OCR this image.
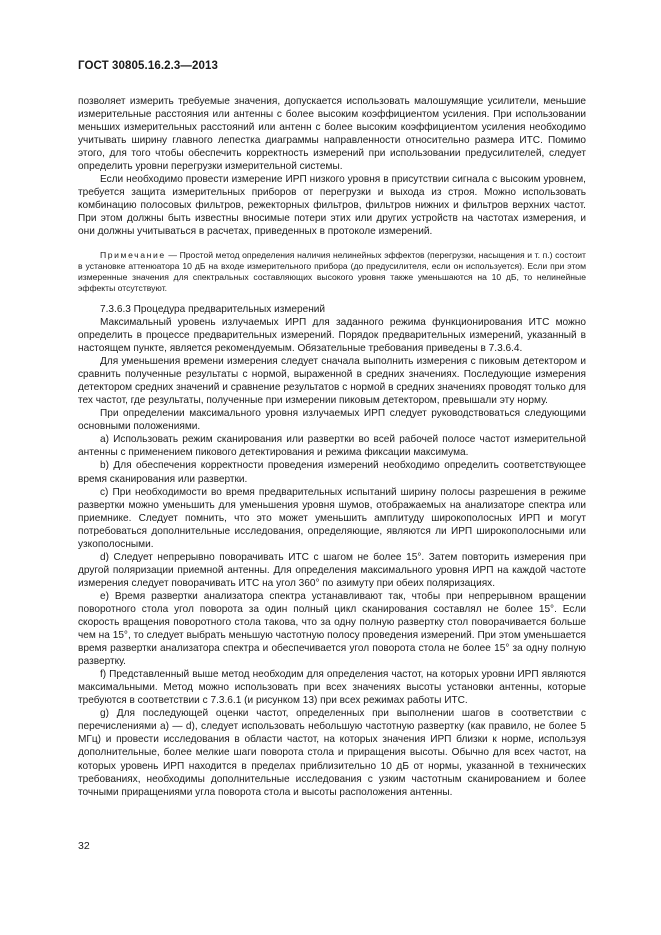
ГОСТ 30805.16.2.3—2013

позволяет измерить требуемые значения, допускается использовать малошумящие усилители, меньшие измерительные расстояния или антенны с более высоким коэффициентом усиления. При использовании меньших измерительных расстояний или антенн с более высоким коэффициентом усиления необходимо учитывать ширину главного лепестка диаграммы направленности относительно размера ИТС. Помимо этого, для того чтобы обеспечить корректность измерений при использовании предусилителей, следует определить уровни перегрузки измерительной системы.

Если необходимо провести измерение ИРП низкого уровня в присутствии сигнала с высоким уровнем, требуется защита измерительных приборов от перегрузки и выхода из строя. Можно использовать комбинацию полосовых фильтров, режекторных фильтров, фильтров нижних и фильтров верхних частот. При этом должны быть известны вносимые потери этих или других устройств на частотах измерения, и они должны учитываться в расчетах, приведенных в протоколе измерений.

Примечание — Простой метод определения наличия нелинейных эффектов (перегрузки, насыщения и т. п.) состоит в установке аттенюатора 10 дБ на входе измерительного прибора (до предусилителя, если он используется). Если при этом измеренные значения для спектральных составляющих высокого уровня также уменьшаются на 10 дБ, то нелинейные эффекты отсутствуют.

7.3.6.3 Процедура предварительных измерений

Максимальный уровень излучаемых ИРП для заданного режима функционирования ИТС можно определить в процессе предварительных измерений. Порядок предварительных измерений, указанный в настоящем пункте, является рекомендуемым. Обязательные требования приведены в 7.3.6.4.

Для уменьшения времени измерения следует сначала выполнить измерения с пиковым детектором и сравнить полученные результаты с нормой, выраженной в средних значениях. Последующие измерения детектором средних значений и сравнение результатов с нормой в средних значениях проводят только для тех частот, где результаты, полученные при измерении пиковым детектором, превышали эту норму.

При определении максимального уровня излучаемых ИРП следует руководствоваться следующими основными положениями.

a) Использовать режим сканирования или развертки во всей рабочей полосе частот измерительной антенны с применением пикового детектирования и режима фиксации максимума.

b) Для обеспечения корректности проведения измерений необходимо определить соответствующее время сканирования или развертки.

c) При необходимости во время предварительных испытаний ширину полосы разрешения в режиме развертки можно уменьшить для уменьшения уровня шумов, отображаемых на анализаторе спектра или приемнике. Следует помнить, что это может уменьшить амплитуду широкополосных ИРП и могут потребоваться дополнительные исследования, определяющие, являются ли ИРП широкополосными или узкополосными.

d) Следует непрерывно поворачивать ИТС с шагом не более 15°. Затем повторить измерения при другой поляризации приемной антенны. Для определения максимального уровня ИРП на каждой частоте измерения следует поворачивать ИТС на угол 360° по азимуту при обеих поляризациях.

e) Время развертки анализатора спектра устанавливают так, чтобы при непрерывном вращении поворотного стола угол поворота за один полный цикл сканирования составлял не более 15°. Если скорость вращения поворотного стола такова, что за одну полную развертку стол поворачивается больше чем на 15°, то следует выбрать меньшую частотную полосу проведения измерений. При этом уменьшается время развертки анализатора спектра и обеспечивается угол поворота стола не более 15° за одну полную развертку.

f) Представленный выше метод необходим для определения частот, на которых уровни ИРП являются максимальными. Метод можно использовать при всех значениях высоты установки антенны, которые требуются в соответствии с 7.3.6.1 (и рисунком 13) при всех режимах работы ИТС.

g) Для последующей оценки частот, определенных при выполнении шагов в соответствии с перечислениями a) — d), следует использовать небольшую частотную развертку (как правило, не более 5 МГц) и провести исследования в области частот, на которых значения ИРП близки к норме, используя дополнительные, более мелкие шаги поворота стола и приращения высоты. Обычно для всех частот, на которых уровень ИРП находится в пределах приблизительно 10 дБ от нормы, указанной в технических требованиях, необходимы дополнительные исследования с узким частотным сканированием и более точными приращениями угла поворота стола и высоты расположения антенны.

32
